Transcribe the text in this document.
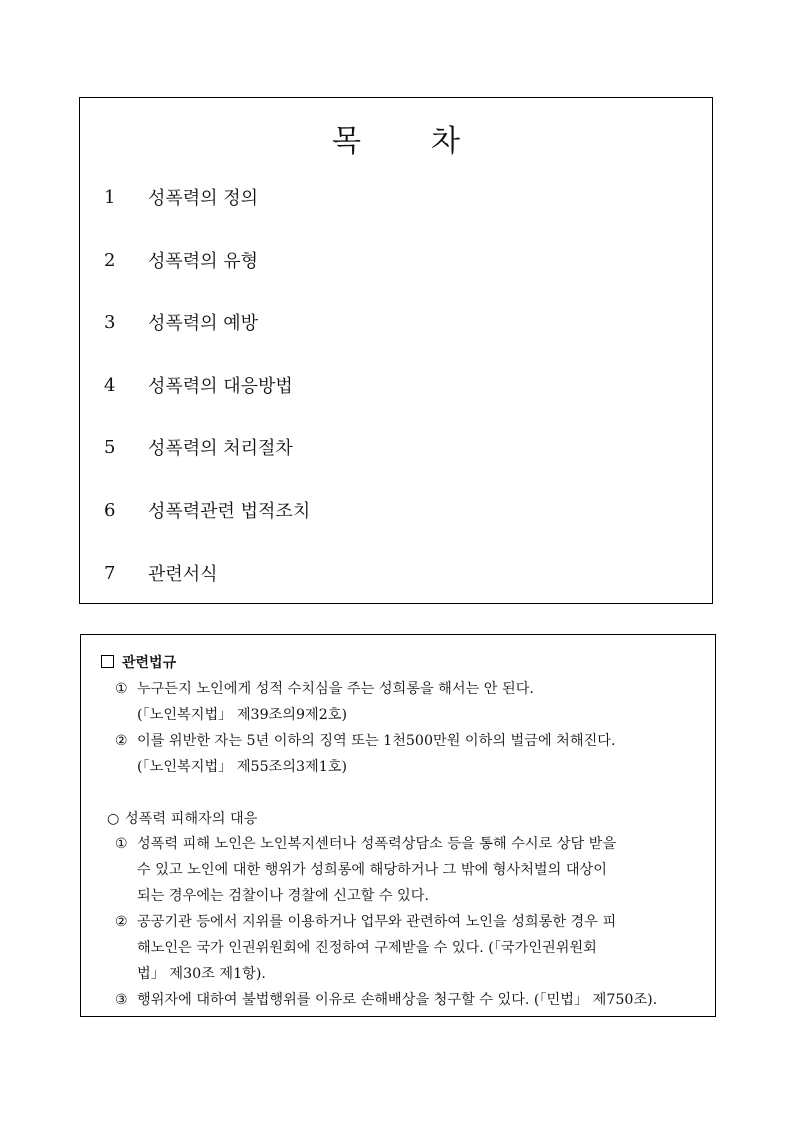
목 차
1	성폭력의 정의
2	성폭력의 유형
3	성폭력의 예방
4	성폭력의 대응방법
5	성폭력의 처리절차
6	성폭력관련 법적조치
7	관련서식
관련법규
① 누구든지 노인에게 성적 수치심을 주는 성희롱을 해서는 안 된다.
(「노인복지법」 제39조의9제2호)
② 이를 위반한 자는 5년 이하의 징역 또는 1천500만원 이하의 벌금에 처해진다.
(「노인복지법」 제55조의3제1호)
○ 성폭력 피해자의 대응
① 성폭력 피해 노인은 노인복지센터나 성폭력상담소 등을 통해 수시로 상담 받을
수 있고 노인에 대한 행위가 성희롱에 해당하거나 그 밖에 형사처벌의 대상이
되는 경우에는 검찰이나 경찰에 신고할 수 있다.
② 공공기관 등에서 지위를 이용하거나 업무와 관련하여 노인을 성희롱한 경우 피
해노인은 국가 인권위원회에 진정하여 구제받을 수 있다. (「국가인권위원회
법」 제30조 제1항).
③ 행위자에 대하여 불법행위를 이유로 손해배상을 청구할 수 있다. (「민법」 제750조).
